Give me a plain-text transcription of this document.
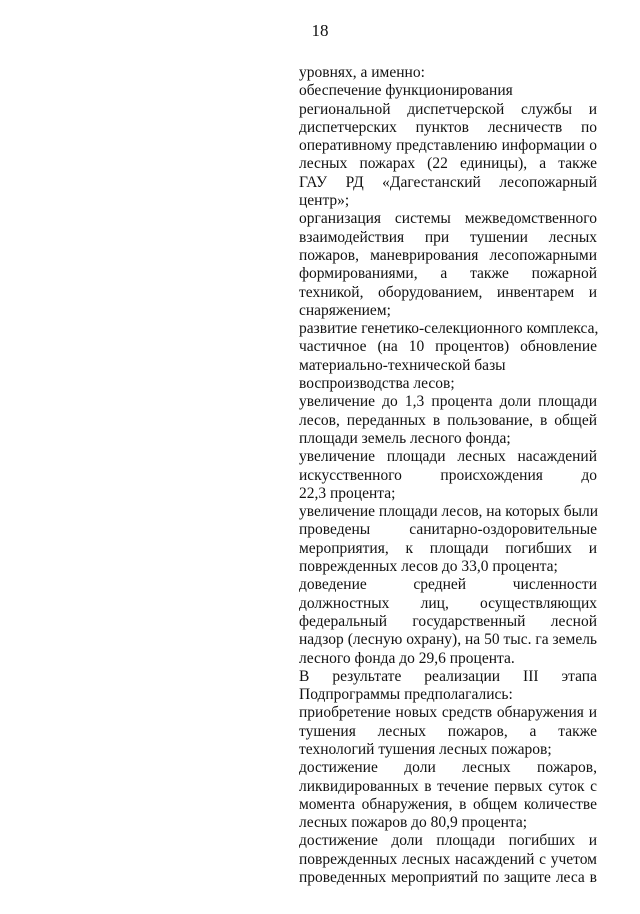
18
уровнях, а именно:
обеспечение функционирования
региональной диспетчерской службы и
диспетчерских пунктов лесничеств по
оперативному представлению информации о
лесных пожарах (22 единицы), а также
ГАУ РД «Дагестанский лесопожарный
центр»;
организация системы межведомственного
взаимодействия при тушении лесных
пожаров, маневрирования лесопожарными
формированиями, а также пожарной
техникой, оборудованием, инвентарем и
снаряжением;
развитие генетико-селекционного комплекса,
частичное (на 10 процентов) обновление
материально-технической базы
воспроизводства лесов;
увеличение до 1,3 процента доли площади
лесов, переданных в пользование, в общей
площади земель лесного фонда;
увеличение площади лесных насаждений
искусственного происхождения до
22,3 процента;
увеличение площади лесов, на которых были
проведены санитарно-оздоровительные
мероприятия, к площади погибших и
поврежденных лесов до 33,0 процента;
доведение средней численности
должностных лиц, осуществляющих
федеральный государственный лесной
надзор (лесную охрану), на 50 тыс. га земель
лесного фонда до 29,6 процента.
В результате реализации III этапа
Подпрограммы предполагались:
приобретение новых средств обнаружения и
тушения лесных пожаров, а также
технологий тушения лесных пожаров;
достижение доли лесных пожаров,
ликвидированных в течение первых суток с
момента обнаружения, в общем количестве
лесных пожаров до 80,9 процента;
достижение доли площади погибших и
поврежденных лесных насаждений с учетом
проведенных мероприятий по защите леса в
